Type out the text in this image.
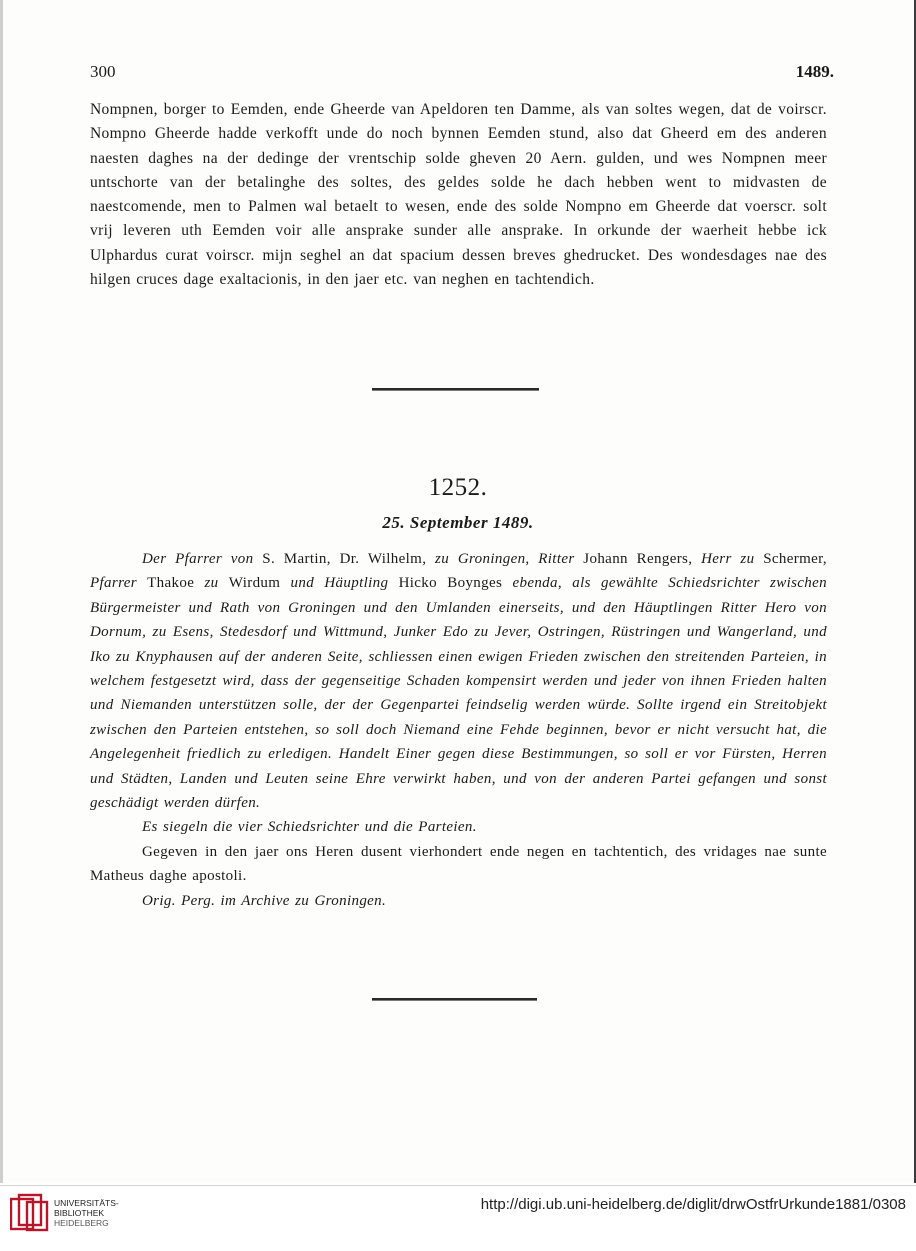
300	1489.
Nompnen, borger to Eemden, ende Gheerde van Apeldoren ten Damme, als van soltes wegen, dat de voirscr. Nompno Gheerde hadde verkofft unde do noch bynnen Eemden stund, also dat Gheerd em des anderen naesten daghes na der dedinge der vrentschip solde gheven 20 Aern. gulden, und wes Nompnen meer untschorte van der betalinghe des soltes, des geldes solde he dach hebben went to midvasten de naestcomende, men to Palmen wal betaelt to wesen, ende des solde Nompno em Gheerde dat voerscr. solt vrij leveren uth Eemden voir alle ansprake sunder alle ansprake. In orkunde der waerheit hebbe ick Ulphardus curat voirscr. mijn seghel an dat spacium dessen breves ghedrucket. Des wondesdages nae des hilgen cruces dage exaltacionis, in den jaer etc. van neghen en tachtendich.
1252.
25. September 1489.

Der Pfarrer von S. Martin, Dr. Wilhelm, zu Groningen, Ritter Johann Rengers, Herr zu Schermer, Pfarrer Thakoe zu Wirdum und Häuptling Hicko Boynges ebenda, als gewählte Schiedsrichter zwischen Bürgermeister und Rath von Groningen und den Umlanden einerseits, und den Häuptlingen Ritter Hero von Dornum, zu Esens, Stedesdorf und Wittmund, Junker Edo zu Jever, Ostringen, Rüstringen und Wangerland, und Iko zu Knyphausen auf der anderen Seite, schliessen einen ewigen Frieden zwischen den streitenden Parteien, in welchem festgesetzt wird, dass der gegenseitige Schaden kompensirt werden und jeder von ihnen Frieden halten und Niemanden unterstützen solle, der der Gegenpartei feindselig werden würde. Sollte irgend ein Streitobjekt zwischen den Parteien entstehen, so soll doch Niemand eine Fehde beginnen, bevor er nicht versucht hat, die Angelegenheit friedlich zu erledigen. Handelt Einer gegen diese Bestimmungen, so soll er vor Fürsten, Herren und Städten, Landen und Leuten seine Ehre verwirkt haben, und von der anderen Partei gefangen und sonst geschädigt werden dürfen.

Es siegeln die vier Schiedsrichter und die Parteien.

Gegeven in den jaer ons Heren dusent vierhondert ende negen en tachtentich, des vridages nae sunte Matheus daghe apostoli.

Orig. Perg. im Archive zu Groningen.

UNIVERSITÄTS-
BIBLIOTHEK
HEIDELBERG
http://digi.ub.uni-heidelberg.de/diglit/drwOstfrUrkunde1881/0308
